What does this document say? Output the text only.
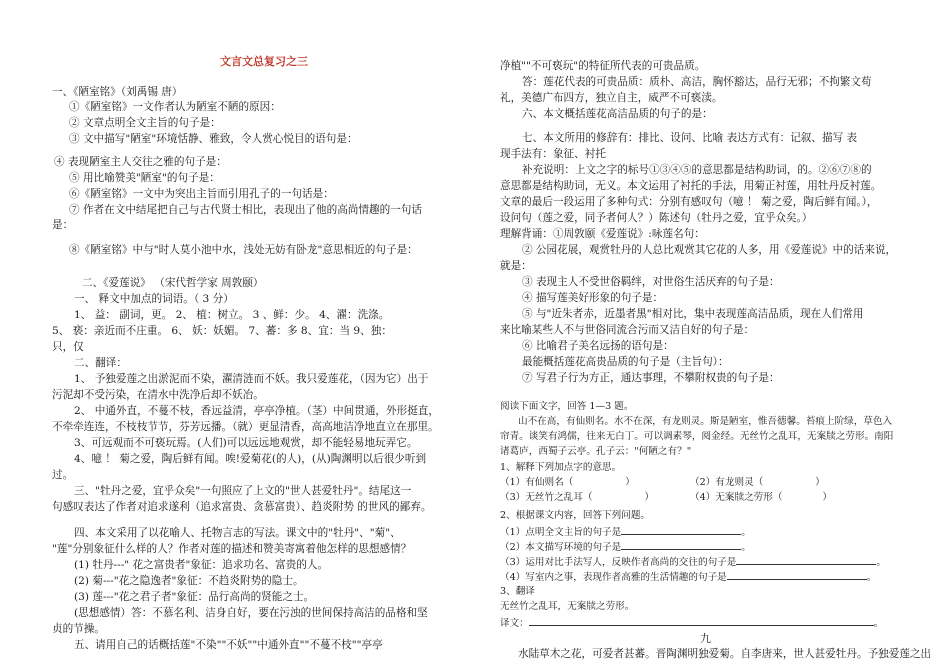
文言文总复习之三
一、《陋室铭》（刘禹锡 唐）
①《陋室铭》一文作者认为陋室不陋的原因：
② 文章点明全文主旨的句子是：
③ 文中描写"陋室"环境恬静、雅致，令人赏心悦目的语句是：
④ 表现陋室主人交往之雅的句子是：
⑤ 用比喻赞美"陋室"的句子是：
⑥《陋室铭》一文中为突出主旨而引用孔子的一句话是：
⑦ 作者在文中结尾把自己与古代贤士相比，表现出了他的高尚情趣的一句话
是：
⑧《陋室铭》中与"时人莫小池中水，浅处无妨有卧龙"意思相近的句子是：
二、《爱莲说》 （宋代哲学家 周敦颐）
一、 释文中加点的词语。（ 3 分）
1、 益： 副词，更。 2、 植：树立。 3 、鲜：少。 4、濯：洗涤。
5、 亵：亲近而不庄重。 6、 妖：妖媚。 7、蕃：多 8、宜：当 9、独：
只，仅
二、翻译：
1、 予独爱莲之出淤泥而不染，濯清涟而不妖。我只爱莲花，（因为它）出于
污泥却不受污染，在清水中洗净后却不妖冶。
2、 中通外直，不蔓不枝，香远益清，亭亭净植。（茎）中间贯通，外形挺直，
不牵牵连连，不枝枝节节，芬芳远播。（就）更显清香，高高地洁净地直立在那里。
3、可远观而不可亵玩焉。(人们)可以远远地观赏，却不能轻易地玩弄它。
4、噫 ！ 菊之爱，陶后鲜有闻。唉!爱菊花(的人)，(从)陶渊明以后很少听到
过。
三、"牡丹之爱，宜乎众矣"一句照应了上文的"世人甚爱牡丹"。结尾这一
句感叹表达了作者对追求遂利（追求富贵、贪慕富贵）、趋炎附势 的世风的鄙弃。
四、本文采用了以花喻人、托物言志的写法。课文中的"牡丹"、"菊"、
"莲"分别象征什么样的人？作者对莲的描述和赞美寄寓着他怎样的思想感情？
(1) 牡丹---" 花之富贵者"象征：追求功名、富贵的人。
(2) 菊---"花之隐逸者"象征：不趋炎附势的隐士。
(3) 莲---"花之君子者"象征：品行高尚的贤能之士。
(思想感情）答：不慕名利、洁身自好，要在污浊的世间保持高洁的品格和坚
贞的节操。
五、请用自己的话概括莲"不染""不妖""中通外直""不蔓不枝""亭亭
净植""不可亵玩"的特征所代表的可贵品质。
答：莲花代表的可贵品质：质朴、高洁，胸怀豁达，品行无邪；不拘繁文苟
礼，美德广布四方，独立自主，威严不可亵渎。
六、本文概括莲花高洁品质的句子的是：
七、本文所用的修辞有：排比、设问、比喻 表达方式有：记叙、描写 表
现手法有：象征、衬托
补充说明：上文之字的标号①③④⑤的意思都是结构助词，的。②⑥⑦⑧的
意思都是结构助词，无义。本文运用了衬托的手法，用菊正衬莲，用牡丹反衬莲。
文章的最后一段运用了多种句式：分别有感叹句（噫 ！ 菊之爱，陶后鲜有闻。），
设问句（莲之爱，同予者何人？）陈述句（牡丹之爱，宜乎众矣。）
理解背诵：①周敦颐《爱莲说》:咏莲名句：
② 公园花展，观赏牡丹的人总比观赏其它花的人多，用《爱莲说》中的话来说，
就是：
③ 表现主人不受世俗羁绊，对世俗生活厌弃的句子是：
④ 描写莲美好形象的句子是：
⑤ 与"近朱者赤，近墨者黑"相对比，集中表现莲高洁品质，现在人们常用
来比喻某些人不与世俗同流合污而又洁自好的句子是：
⑥ 比喻君子美名远扬的语句是：
最能概括莲花高贵品质的句子是（主旨句）：
⑦ 写君子行为方正，通达事理，不攀附权贵的句子是：
阅读下面文字，回答 1—3 题。
山不在高，有仙则名。水不在深，有龙则灵。斯是陋室，惟吾德馨。苔痕上阶绿，草色入
帘青。谈笑有鸿儒，往来无白丁。可以调素琴，阅金经。无丝竹之乱耳，无案牍之劳形。南阳
诸葛庐，西蜀子云亭。孔子云："何陋之有？"
1、解释下列加点字的意思。
（1）有仙则名（	）	（2）有龙则灵（	）
（3）无丝竹之乱耳（	）	（4）无案牍之劳形（	）
2、根据课文内容，回答下列问题。
（1）点明全文主旨的句子是	。
（2）本文描写环境的句子是	。
（3）运用对比手法写人，反映作者高尚的交往的句子是	。
（4）写室内之事，表现作者高雅的生活情趣的句子是	。
3、翻译
无丝竹之乱耳，无案牍之劳形。
译文：	。
九
水陆草木之花，可爱者甚蕃。晋陶渊明独爱菊。自李唐来，世人甚爱牡丹。予独爱莲之出
